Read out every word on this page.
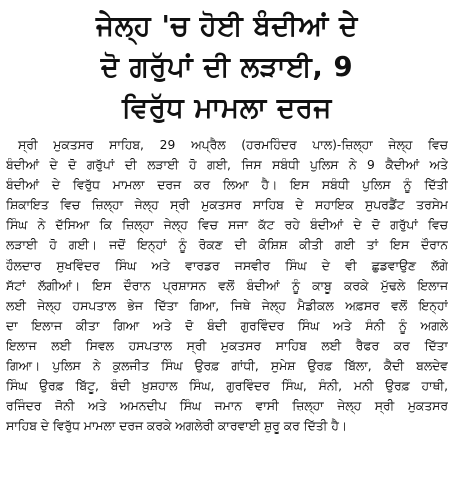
ਜੇਲ੍ਹ 'ਚ ਹੋਈ ਬੰਦੀਆਂ ਦੇ
ਦੋ ਗਰੁੱਪਾਂ ਦੀ ਲੜਾਈ, 9
ਵਿਰੁੱਧ ਮਾਮਲਾ ਦਰਜ
ਸ੍ਰੀ ਮੁਕਤਸਰ ਸਾਹਿਬ, 29 ਅਪ੍ਰੈਲ (ਹਰਮਹਿੰਦਰ ਪਾਲ)-ਜ਼ਿਲ੍ਹਾ ਜੇਲ੍ਹ ਵਿਚ
ਬੰਦੀਆਂ ਦੇ ਦੋ ਗਰੁੱਪਾਂ ਦੀ ਲੜਾਈ ਹੋ ਗਈ, ਜਿਸ ਸਬੰਧੀ ਪੁਲਿਸ ਨੇ 9 ਕੈਦੀਆਂ ਅਤੇ
ਬੰਦੀਆਂ ਦੇ ਵਿਰੁੱਧ ਮਾਮਲਾ ਦਰਜ ਕਰ ਲਿਆ ਹੈ। ਇਸ ਸਬੰਧੀ ਪੁਲਿਸ ਨੂੰ ਦਿੱਤੀ
ਸ਼ਿਕਾਇਤ ਵਿਚ ਜ਼ਿਲ੍ਹਾ ਜੇਲ੍ਹ ਸ੍ਰੀ ਮੁਕਤਸਰ ਸਾਹਿਬ ਦੇ ਸਹਾਇਕ ਸੁਪਰਡੈਂਟ ਤਰਸੇਮ
ਸਿੰਘ ਨੇ ਦੱਸਿਆ ਕਿ ਜ਼ਿਲ੍ਹਾ ਜੇਲ੍ਹ ਵਿਚ ਸਜਾ ਕੱਟ ਰਹੇ ਬੰਦੀਆਂ ਦੇ ਦੋ ਗਰੁੱਪਾਂ ਵਿਚ
ਲੜਾਈ ਹੋ ਗਈ। ਜਦੋਂ ਇਨ੍ਹਾਂ ਨੂੰ ਰੋਕਣ ਦੀ ਕੋਸ਼ਿਸ਼ ਕੀਤੀ ਗਈ ਤਾਂ ਇਸ ਦੌਰਾਨ
ਹੌਲਦਾਰ ਸੁਖਵਿੰਦਰ ਸਿੰਘ ਅਤੇ ਵਾਰਡਰ ਜਸਵੀਰ ਸਿੰਘ ਦੇ ਵੀ ਛੁਡਵਾਉਣ ਲੱਗੇ
ਸੱਟਾਂ ਲੱਗੀਆਂ। ਇਸ ਦੌਰਾਨ ਪ੍ਰਸ਼ਾਸਨ ਵਲੋਂ ਬੰਦੀਆਂ ਨੂੰ ਕਾਬੂ ਕਰਕੇ ਮੁੱਢਲੇ ਇਲਾਜ
ਲਈ ਜੇਲ੍ਹ ਹਸਪਤਾਲ ਭੇਜ ਦਿੱਤਾ ਗਿਆ, ਜਿਥੇ ਜੇਲ੍ਹ ਮੈਡੀਕਲ ਅਫ਼ਸਰ ਵਲੋਂ ਇਨ੍ਹਾਂ
ਦਾ ਇਲਾਜ ਕੀਤਾ ਗਿਆ ਅਤੇ ਦੋ ਬੰਦੀ ਗੁਰਵਿੰਦਰ ਸਿੰਘ ਅਤੇ ਸੰਨੀ ਨੂੰ ਅਗਲੇ
ਇਲਾਜ ਲਈ ਸਿਵਲ ਹਸਪਤਾਲ ਸ੍ਰੀ ਮੁਕਤਸਰ ਸਾਹਿਬ ਲਈ ਰੈਫਰ ਕਰ ਦਿੱਤਾ
ਗਿਆ। ਪੁਲਿਸ ਨੇ ਕੁਲਜੀਤ ਸਿੰਘ ਉਰਫ਼ ਗਾਂਧੀ, ਸੁਮੇਸ਼ ਉਰਫ਼ ਬਿੱਲਾ, ਕੈਦੀ ਬਲਦੇਵ
ਸਿੰਘ ਉਰਫ਼ ਬਿੱਟੂ, ਬੰਦੀ ਖ਼ੁਸ਼ਹਾਲ ਸਿੰਘ, ਗੁਰਵਿੰਦਰ ਸਿੰਘ, ਸੰਨੀ, ਮਨੀ ਉਰਫ਼ ਹਾਥੀ,
ਰਜਿੰਦਰ ਜੋਨੀ ਅਤੇ ਅਮਨਦੀਪ ਸਿੰਘ ਜਮਾਨ ਵਾਸੀ ਜ਼ਿਲ੍ਹਾ ਜੇਲ੍ਹ ਸ੍ਰੀ ਮੁਕਤਸਰ
ਸਾਹਿਬ ਦੇ ਵਿਰੁੱਧ ਮਾਮਲਾ ਦਰਜ ਕਰਕੇ ਅਗਲੇਰੀ ਕਾਰਵਾਈ ਸ਼ੁਰੂ ਕਰ ਦਿੱਤੀ ਹੈ।
